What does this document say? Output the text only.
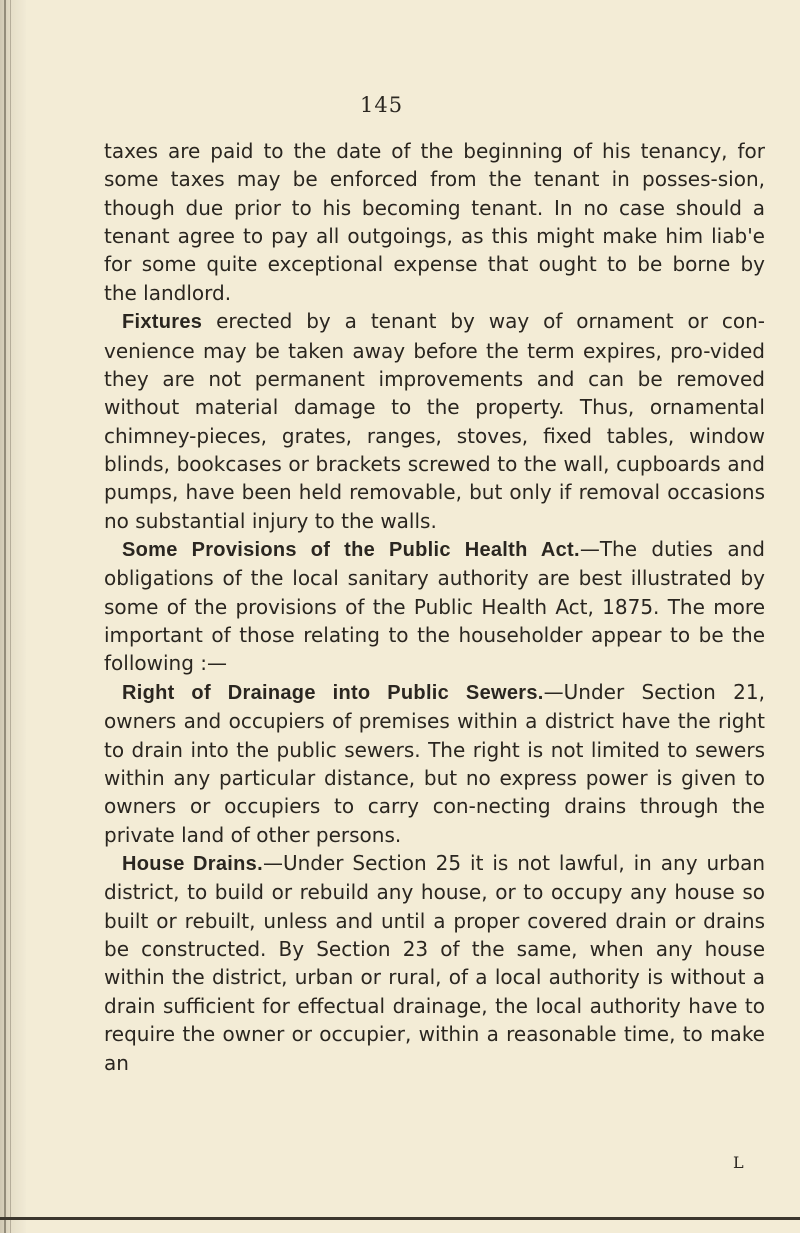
145

taxes are paid to the date of the beginning of his tenancy, for some taxes may be enforced from the tenant in posses-sion, though due prior to his becoming tenant. In no case should a tenant agree to pay all outgoings, as this might make him liab'e for some quite exceptional expense that ought to be borne by the landlord.

Fixtures erected by a tenant by way of ornament or con-venience may be taken away before the term expires, pro-vided they are not permanent improvements and can be removed without material damage to the property. Thus, ornamental chimney-pieces, grates, ranges, stoves, fixed tables, window blinds, bookcases or brackets screwed to the wall, cupboards and pumps, have been held removable, but only if removal occasions no substantial injury to the walls.

Some Provisions of the Public Health Act.—The duties and obligations of the local sanitary authority are best illustrated by some of the provisions of the Public Health Act, 1875. The more important of those relating to the householder appear to be the following :—

Right of Drainage into Public Sewers.—Under Section 21, owners and occupiers of premises within a district have the right to drain into the public sewers. The right is not limited to sewers within any particular distance, but no express power is given to owners or occupiers to carry con-necting drains through the private land of other persons.

House Drains.—Under Section 25 it is not lawful, in any urban district, to build or rebuild any house, or to occupy any house so built or rebuilt, unless and until a proper covered drain or drains be constructed. By Section 23 of the same, when any house within the district, urban or rural, of a local authority is without a drain sufficient for effectual drainage, the local authority have to require the owner or occupier, within a reasonable time, to make an

L
